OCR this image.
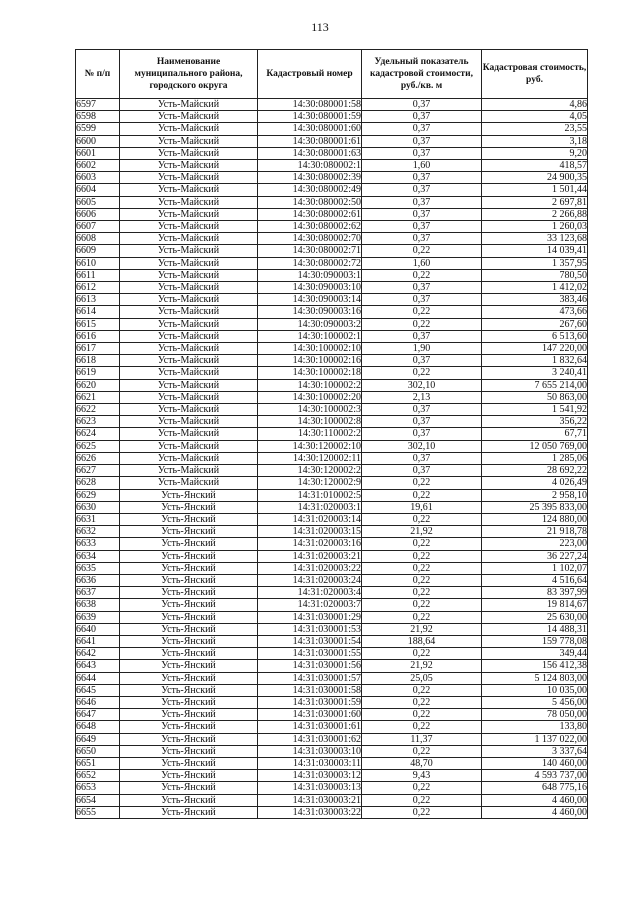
113
№ п/п	Наименование муниципального района, городского округа	Кадастровый номер	Удельный показатель кадастровой стоимости, руб./кв. м	Кадастровая стоимость, руб.
6597	Усть-Майский	14:30:080001:58	0,37	4,86
6598	Усть-Майский	14:30:080001:59	0,37	4,05
6599	Усть-Майский	14:30:080001:60	0,37	23,55
6600	Усть-Майский	14:30:080001:61	0,37	3,18
6601	Усть-Майский	14:30:080001:63	0,37	9,20
6602	Усть-Майский	14:30:080002:1	1,60	418,57
6603	Усть-Майский	14:30:080002:39	0,37	24 900,35
6604	Усть-Майский	14:30:080002:49	0,37	1 501,44
6605	Усть-Майский	14:30:080002:50	0,37	2 697,81
6606	Усть-Майский	14:30:080002:61	0,37	2 266,88
6607	Усть-Майский	14:30:080002:62	0,37	1 260,03
6608	Усть-Майский	14:30:080002:70	0,37	33 123,68
6609	Усть-Майский	14:30:080002:71	0,22	14 039,41
6610	Усть-Майский	14:30:080002:72	1,60	1 357,95
6611	Усть-Майский	14:30:090003:1	0,22	780,50
6612	Усть-Майский	14:30:090003:10	0,37	1 412,02
6613	Усть-Майский	14:30:090003:14	0,37	383,46
6614	Усть-Майский	14:30:090003:16	0,22	473,66
6615	Усть-Майский	14:30:090003:2	0,22	267,60
6616	Усть-Майский	14:30:100002:1	0,37	6 513,60
6617	Усть-Майский	14:30:100002:10	1,90	147 220,00
6618	Усть-Майский	14:30:100002:16	0,37	1 832,64
6619	Усть-Майский	14:30:100002:18	0,22	3 240,41
6620	Усть-Майский	14:30:100002:2	302,10	7 655 214,00
6621	Усть-Майский	14:30:100002:20	2,13	50 863,00
6622	Усть-Майский	14:30:100002:3	0,37	1 541,92
6623	Усть-Майский	14:30:100002:8	0,37	356,22
6624	Усть-Майский	14:30:110002:2	0,37	67,71
6625	Усть-Майский	14:30:120002:10	302,10	12 050 769,00
6626	Усть-Майский	14:30:120002:11	0,37	1 285,06
6627	Усть-Майский	14:30:120002:2	0,37	28 692,22
6628	Усть-Майский	14:30:120002:9	0,22	4 026,49
6629	Усть-Янский	14:31:010002:5	0,22	2 958,10
6630	Усть-Янский	14:31:020003:1	19,61	25 395 833,00
6631	Усть-Янский	14:31:020003:14	0,22	124 880,00
6632	Усть-Янский	14:31:020003:15	21,92	21 918,78
6633	Усть-Янский	14:31:020003:16	0,22	223,00
6634	Усть-Янский	14:31:020003:21	0,22	36 227,24
6635	Усть-Янский	14:31:020003:22	0,22	1 102,07
6636	Усть-Янский	14:31:020003:24	0,22	4 516,64
6637	Усть-Янский	14:31:020003:4	0,22	83 397,99
6638	Усть-Янский	14:31:020003:7	0,22	19 814,67
6639	Усть-Янский	14:31:030001:29	0,22	25 630,00
6640	Усть-Янский	14:31:030001:53	21,92	14 488,31
6641	Усть-Янский	14:31:030001:54	188,64	159 778,08
6642	Усть-Янский	14:31:030001:55	0,22	349,44
6643	Усть-Янский	14:31:030001:56	21,92	156 412,38
6644	Усть-Янский	14:31:030001:57	25,05	5 124 803,00
6645	Усть-Янский	14:31:030001:58	0,22	10 035,00
6646	Усть-Янский	14:31:030001:59	0,22	5 456,00
6647	Усть-Янский	14:31:030001:60	0,22	78 050,00
6648	Усть-Янский	14:31:030001:61	0,22	133,80
6649	Усть-Янский	14:31:030001:62	11,37	1 137 022,00
6650	Усть-Янский	14:31:030003:10	0,22	3 337,64
6651	Усть-Янский	14:31:030003:11	48,70	140 460,00
6652	Усть-Янский	14:31:030003:12	9,43	4 593 737,00
6653	Усть-Янский	14:31:030003:13	0,22	648 775,16
6654	Усть-Янский	14:31:030003:21	0,22	4 460,00
6655	Усть-Янский	14:31:030003:22	0,22	4 460,00
